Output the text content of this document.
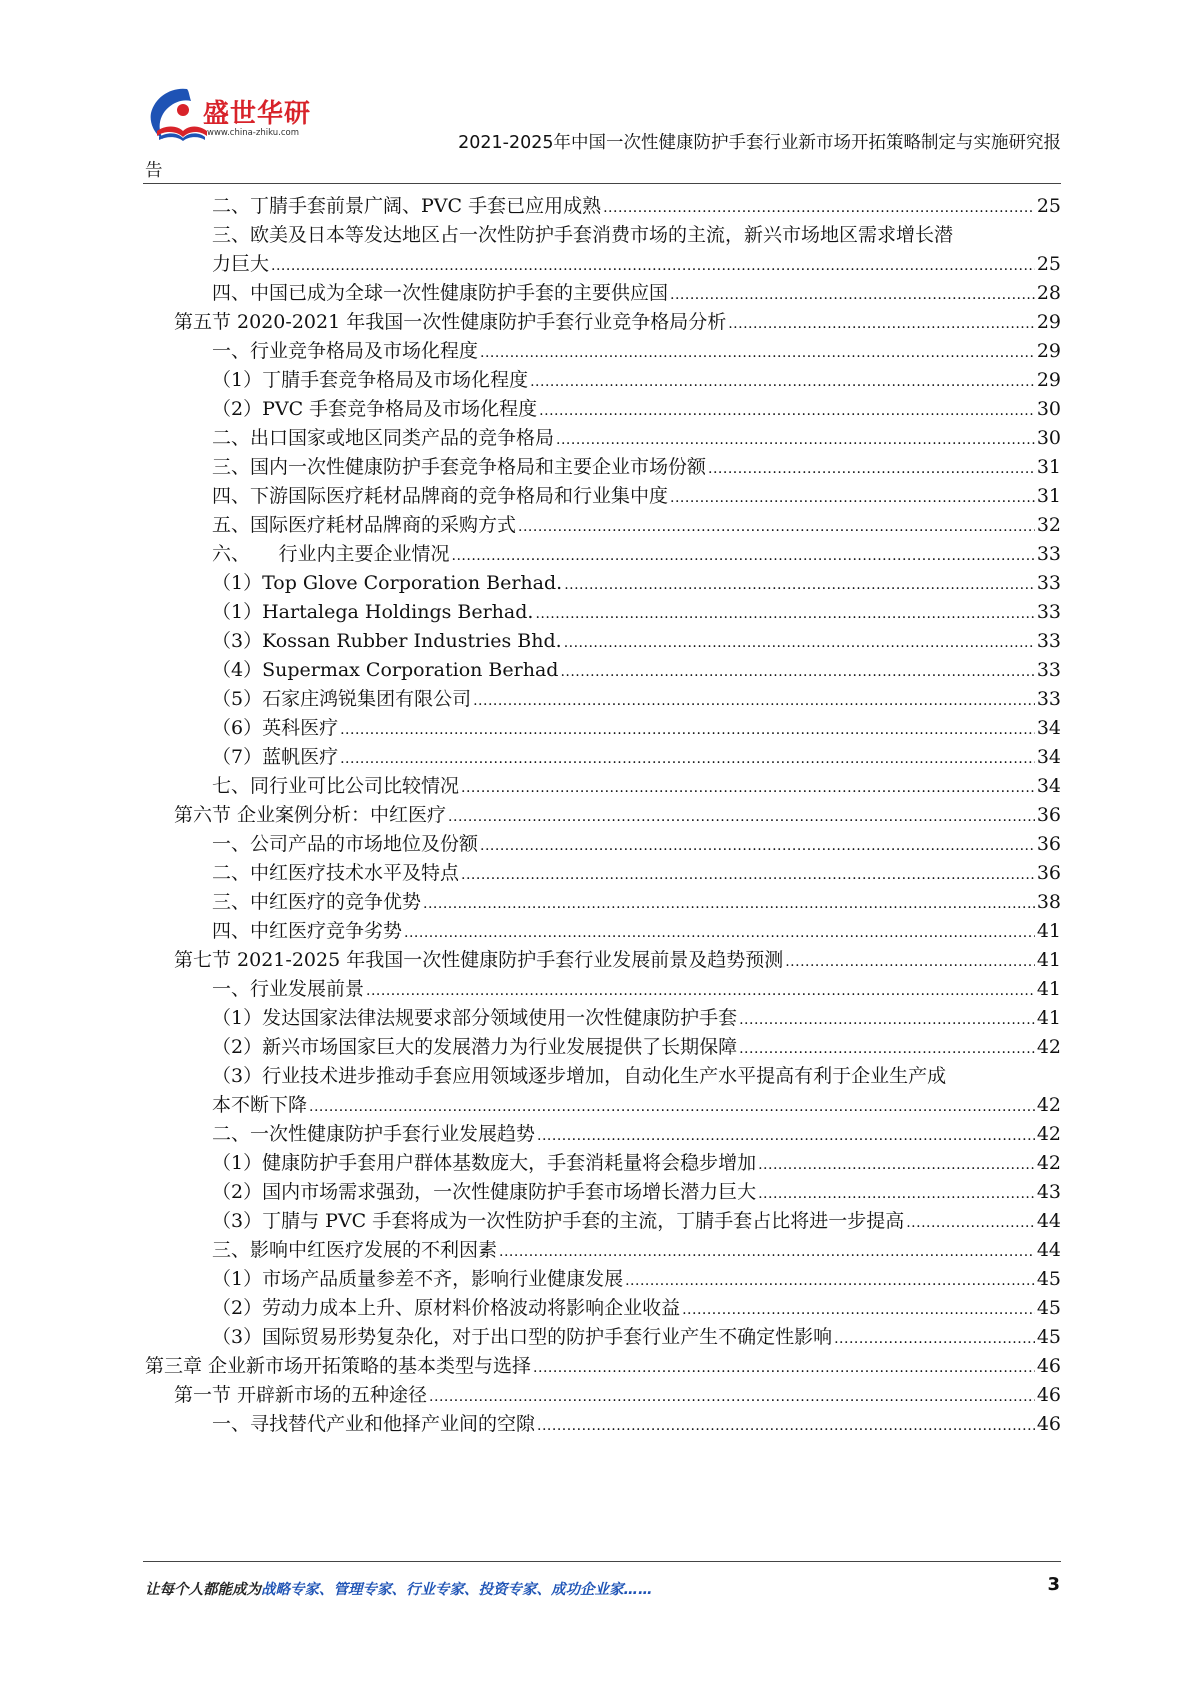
盛世华研
www.china-zhiku.com	2021-2025年中国一次性健康防护手套行业新市场开拓策略制定与实施研究报
告
二、丁腈手套前景广阔、PVC 手套已应用成熟 .....	25
三、欧美及日本等发达地区占一次性防护手套消费市场的主流，新兴市场地区需求增长潜
力巨大 .....	25
四、中国已成为全球一次性健康防护手套的主要供应国 .....	28
第五节 2020-2021 年我国一次性健康防护手套行业竞争格局分析 .....	29
一、行业竞争格局及市场化程度 .....	29
（1）丁腈手套竞争格局及市场化程度 .....	29
（2）PVC 手套竞争格局及市场化程度 .....	30
二、出口国家或地区同类产品的竞争格局 .....	30
三、国内一次性健康防护手套竞争格局和主要企业市场份额 .....	31
四、下游国际医疗耗材品牌商的竞争格局和行业集中度 .....	31
五、国际医疗耗材品牌商的采购方式 .....	32
六、　　行业内主要企业情况 .....	33
（1）Top Glove Corporation Berhad. .....	33
（1）Hartalega Holdings Berhad. .....	33
（3）Kossan Rubber Industries Bhd. .....	33
（4）Supermax Corporation Berhad .....	33
（5）石家庄鸿锐集团有限公司 .....	33
（6）英科医疗 .....	34
（7）蓝帆医疗 .....	34
七、同行业可比公司比较情况 .....	34
第六节 企业案例分析：中红医疗 .....	36
一、公司产品的市场地位及份额 .....	36
二、中红医疗技术水平及特点 .....	36
三、中红医疗的竞争优势 .....	38
四、中红医疗竞争劣势 .....	41
第七节 2021-2025 年我国一次性健康防护手套行业发展前景及趋势预测 .....	41
一、行业发展前景 .....	41
（1）发达国家法律法规要求部分领域使用一次性健康防护手套 .....	41
（2）新兴市场国家巨大的发展潜力为行业发展提供了长期保障 .....	42
（3）行业技术进步推动手套应用领域逐步增加，自动化生产水平提高有利于企业生产成
本不断下降 .....	42
二、一次性健康防护手套行业发展趋势 .....	42
（1）健康防护手套用户群体基数庞大，手套消耗量将会稳步增加 .....	42
（2）国内市场需求强劲，一次性健康防护手套市场增长潜力巨大 .....	43
（3）丁腈与 PVC 手套将成为一次性防护手套的主流，丁腈手套占比将进一步提高 .....	44
三、影响中红医疗发展的不利因素 .....	44
（1）市场产品质量参差不齐，影响行业健康发展 .....	45
（2）劳动力成本上升、原材料价格波动将影响企业收益 .....	45
（3）国际贸易形势复杂化，对于出口型的防护手套行业产生不确定性影响 .....	45
第三章 企业新市场开拓策略的基本类型与选择 .....	46
第一节 开辟新市场的五种途径 .....	46
一、寻找替代产业和他择产业间的空隙 .....	46
让每个人都能成为战略专家、管理专家、行业专家、投资专家、成功企业家……	3
